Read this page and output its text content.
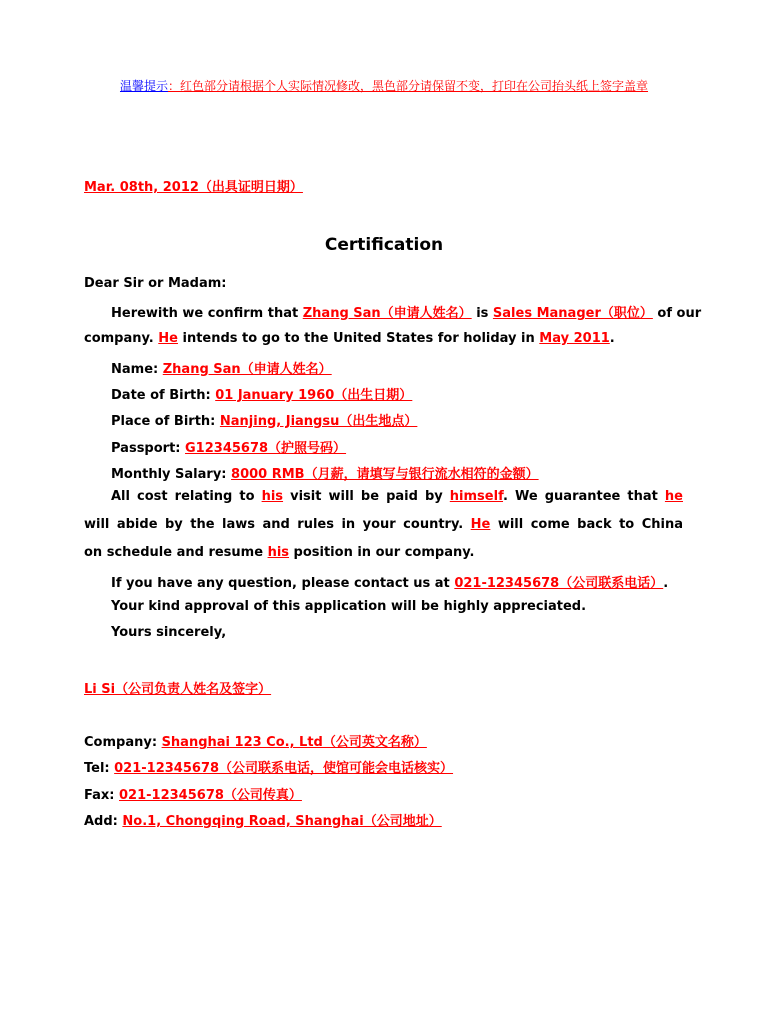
温馨提示：红色部分请根据个人实际情况修改，黑色部分请保留不变，打印在公司抬头纸上签字盖章
Mar. 08th, 2012（出具证明日期）
Certification
Dear Sir or Madam:
Herewith we confirm that Zhang San（申请人姓名） is Sales Manager（职位） of our
company. He intends to go to the United States for holiday in May 2011.
Name: Zhang San（申请人姓名）
Date of Birth: 01 January 1960（出生日期）
Place of Birth: Nanjing, Jiangsu（出生地点）
Passport: G12345678（护照号码）
Monthly Salary: 8000 RMB（月薪，请填写与银行流水相符的金额）
All cost relating to his visit will be paid by himself. We guarantee that he
will abide by the laws and rules in your country. He will come back to China
on schedule and resume his position in our company.
If you have any question, please contact us at 021-12345678（公司联系电话）.
Your kind approval of this application will be highly appreciated.
Yours sincerely,
Li Si（公司负责人姓名及签字）
Company: Shanghai 123 Co., Ltd（公司英文名称）
Tel: 021-12345678（公司联系电话，使馆可能会电话核实）
Fax: 021-12345678（公司传真）
Add: No.1, Chongqing Road, Shanghai（公司地址）
